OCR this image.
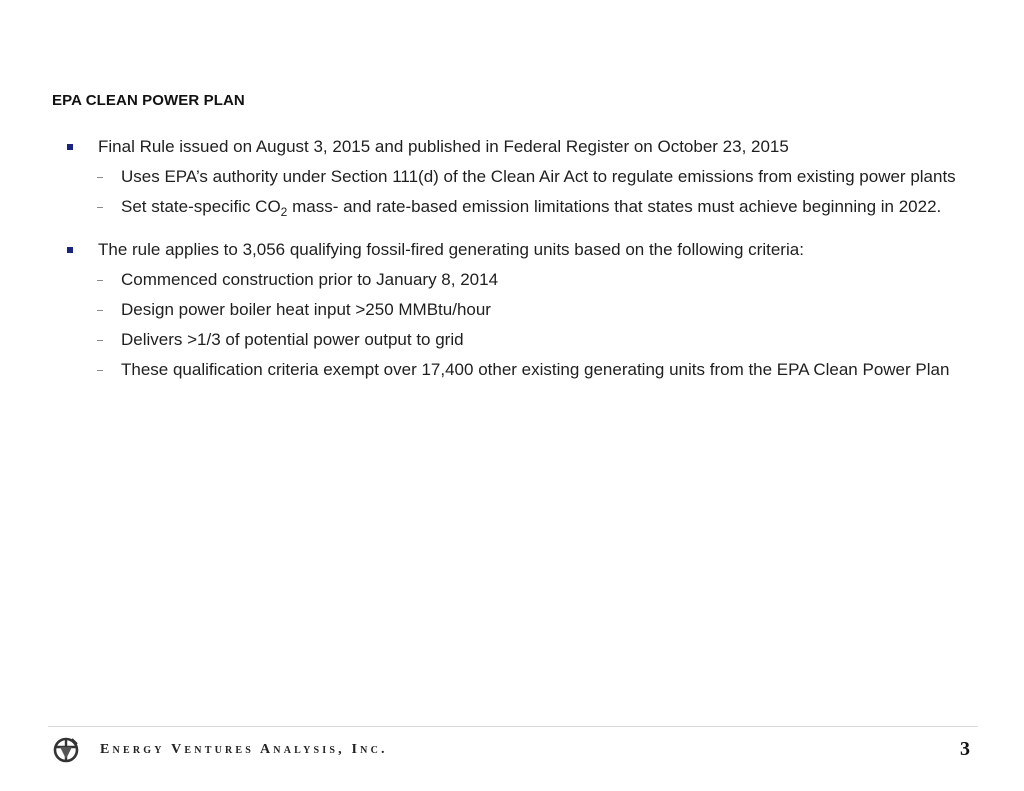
EPA CLEAN POWER PLAN
Final Rule issued on August 3, 2015 and published in Federal Register on October 23, 2015
Uses EPA’s authority under Section 111(d) of the Clean Air Act to regulate emissions from existing power plants
Set state-specific $CO_2$ mass- and rate-based emission limitations that states must achieve beginning in 2022.
The rule applies to 3,056 qualifying fossil-fired generating units based on the following criteria:
Commenced construction prior to January 8, 2014
Design power boiler heat input >250 MMBtu/hour
Delivers >1/3 of potential power output to grid
These qualification criteria exempt over 17,400 other existing generating units from the EPA Clean Power Plan
Energy Ventures Analysis, Inc.	3
